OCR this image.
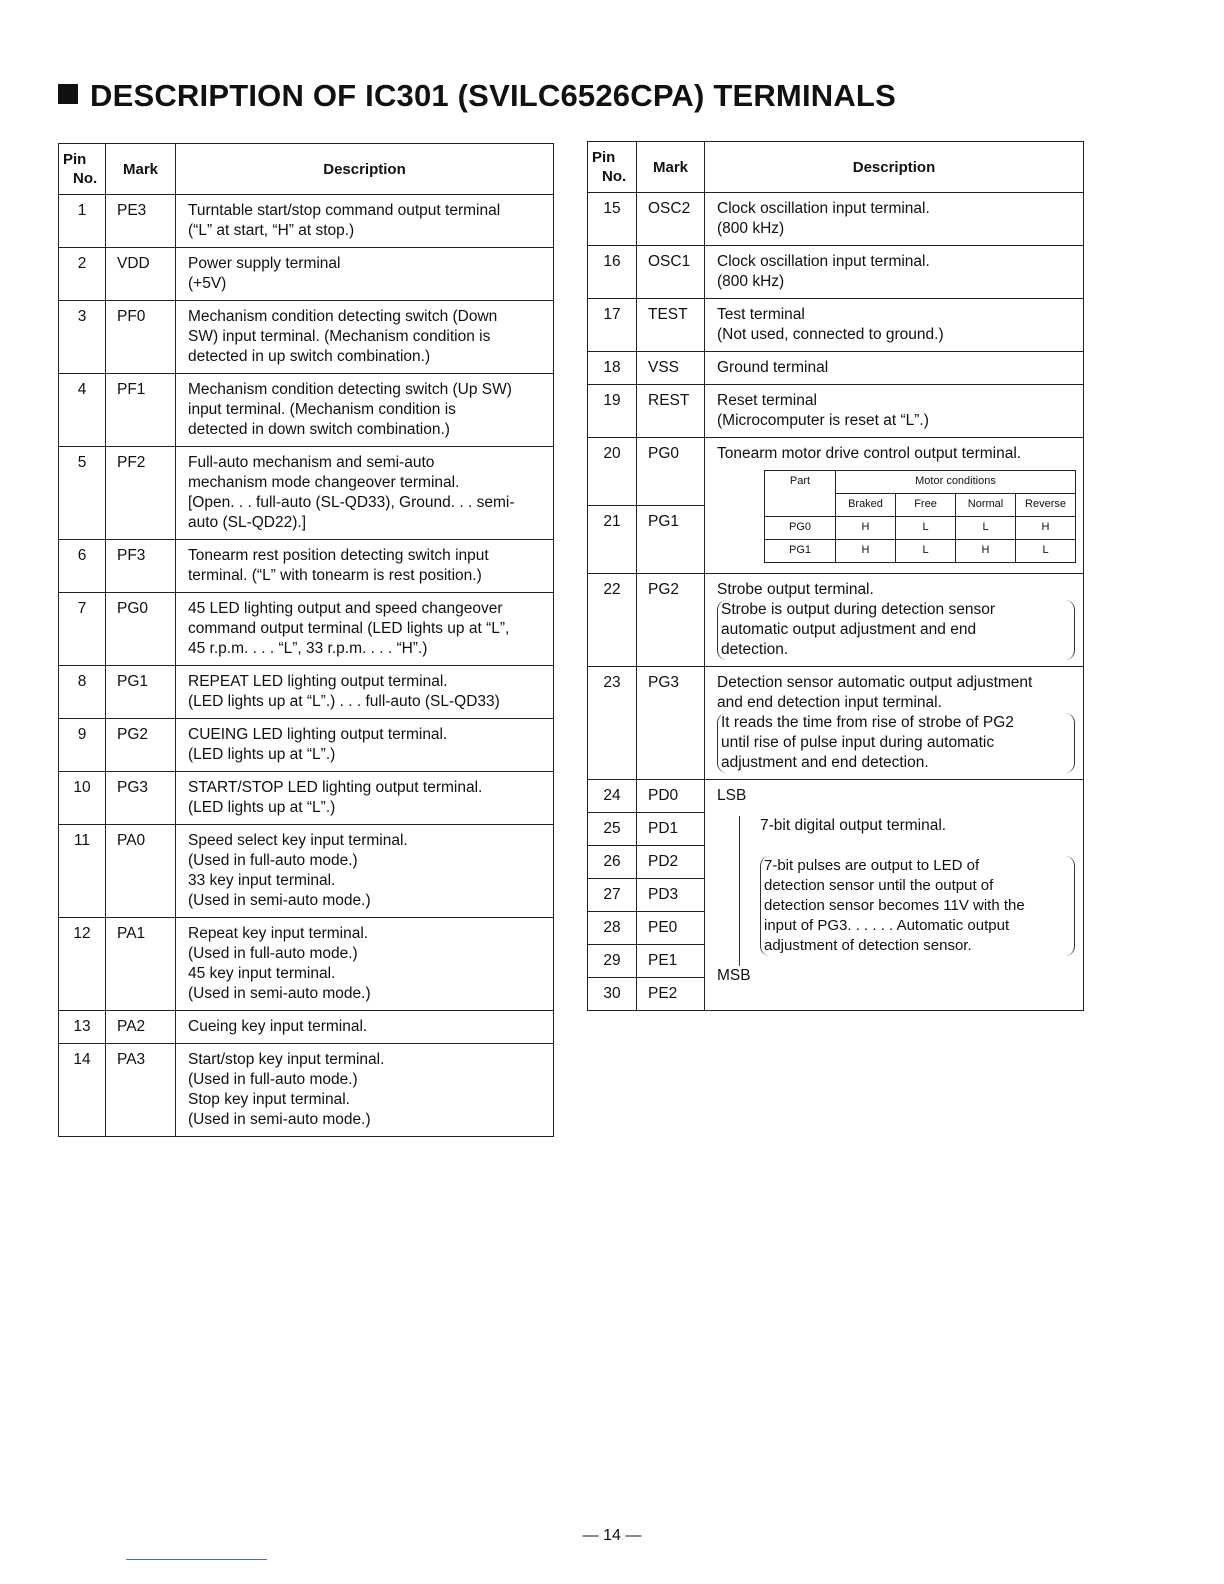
DESCRIPTION OF IC301 (SVILC6526CPA) TERMINALS
Pin
No.	Mark	Description
1	PE3	Turntable start/stop command output terminal
(“L” at start, “H” at stop.)

2	VDD	Power supply terminal
(+5V)

3	PF0	Mechanism condition detecting switch (Down
SW) input terminal. (Mechanism condition is
detected in up switch combination.)

4	PF1	Mechanism condition detecting switch (Up SW)
input terminal. (Mechanism condition is
detected in down switch combination.)

5	PF2	Full-auto mechanism and semi-auto
mechanism mode changeover terminal.
[Open. . . full-auto (SL-QD33), Ground. . . semi-
auto (SL-QD22).]

6	PF3	Tonearm rest position detecting switch input
terminal. (“L” with tonearm is rest position.)

7	PG0	45 LED lighting output and speed changeover
command output terminal (LED lights up at “L”,
45 r.p.m. . . . “L”, 33 r.p.m. . . . “H”.)

8	PG1	REPEAT LED lighting output terminal.
(LED lights up at “L”.) . . . full-auto (SL-QD33)

9	PG2	CUEING LED lighting output terminal.
(LED lights up at “L”.)

10	PG3	START/STOP LED lighting output terminal.
(LED lights up at “L”.)

11	PA0	Speed select key input terminal.
(Used in full-auto mode.)
33 key input terminal.
(Used in semi-auto mode.)

12	PA1	Repeat key input terminal.
(Used in full-auto mode.)
45 key input terminal.
(Used in semi-auto mode.)

13	PA2	Cueing key input terminal.

14	PA3	Start/stop key input terminal.
(Used in full-auto mode.)
Stop key input terminal.
(Used in semi-auto mode.)
Pin
No.
	Mark	Description
15	OSC2	Clock oscillation input terminal.
(800 kHz)

16	OSC1	Clock oscillation input terminal.
(800 kHz)

17	TEST	Test terminal
(Not used, connected to ground.)

18	VSS	Ground terminal

19	REST	Reset terminal
(Microcomputer is reset at “L”.)

20	PG0	Tonearm motor drive control output terminal.
Part	Motor conditions
Braked	Free	Normal	Reverse
PG0	H	L	L	H
PG1	H	L	H	L

21	PG1
22	PG2	Strobe output terminal.
Strobe is output during detection sensor
automatic output adjustment and end
detection.

23	PG3	Detection sensor automatic output adjustment
and end detection input terminal.
It reads the time from rise of strobe of PG2
until rise of pulse input during automatic
adjustment and end detection.

24	PD0	LSB
7-bit digital output terminal.
7-bit pulses are output to LED of
detection sensor until the output of
detection sensor becomes 11V with the
input of PG3. . . . . . Automatic output
adjustment of detection sensor.
MSB

25	PD1
26	PD2
27	PD3
28	PE0
29	PE1
30	PE2
— 14 —
